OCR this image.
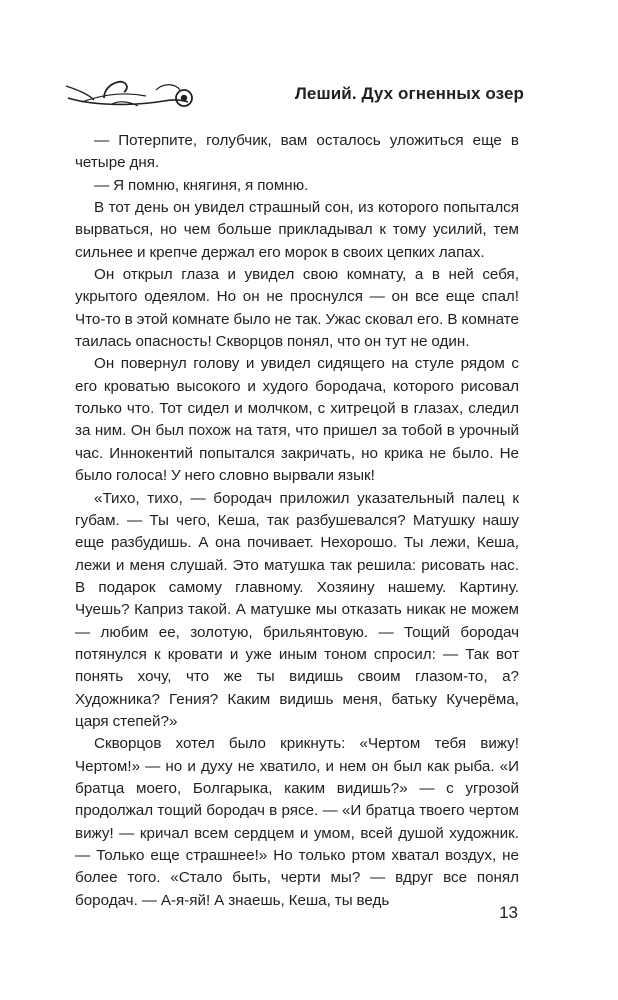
Леший. Дух огненных озер

— Потерпите, голубчик, вам осталось уложиться еще в четыре дня.

— Я помню, княгиня, я помню.

В тот день он увидел страшный сон, из которого попытался вырваться, но чем больше прикладывал к тому усилий, тем сильнее и крепче держал его морок в своих цепких лапах.

Он открыл глаза и увидел свою комнату, а в ней себя, укрытого одеялом. Но он не проснулся — он все еще спал! Что-то в этой комнате было не так. Ужас сковал его. В комнате таилась опасность! Скворцов понял, что он тут не один.

Он повернул голову и увидел сидящего на стуле рядом с его кроватью высокого и худого бородача, которого рисовал только что. Тот сидел и молчком, с хитрецой в глазах, следил за ним. Он был похож на татя, что пришел за тобой в урочный час. Иннокентий попытался закричать, но крика не было. Не было голоса! У него словно вырвали язык!

«Тихо, тихо, — бородач приложил указательный палец к губам. — Ты чего, Кеша, так разбушевался? Матушку нашу еще разбудишь. А она почивает. Нехорошо. Ты лежи, Кеша, лежи и меня слушай. Это матушка так решила: рисовать нас. В подарок самому главному. Хозяину нашему. Картину. Чуешь? Каприз такой. А матушке мы отказать никак не можем — любим ее, золотую, брильянтовую. — Тощий бородач потянулся к кровати и уже иным тоном спросил: — Так вот понять хочу, что же ты видишь своим глазом-то, а? Художника? Гения? Каким видишь меня, батьку Кучерёма, царя степей?»

Скворцов хотел было крикнуть: «Чертом тебя вижу! Чертом!» — но и духу не хватило, и нем он был как рыба. «И братца моего, Болгарыка, каким видишь?» — с угрозой продолжал тощий бородач в рясе. — «И братца твоего чертом вижу! — кричал всем сердцем и умом, всей душой художник. — Только еще страшнее!» Но только ртом хватал воздух, не более того. «Стало быть, черти мы? — вдруг все понял бородач. — А-я-яй! А знаешь, Кеша, ты ведь

13
